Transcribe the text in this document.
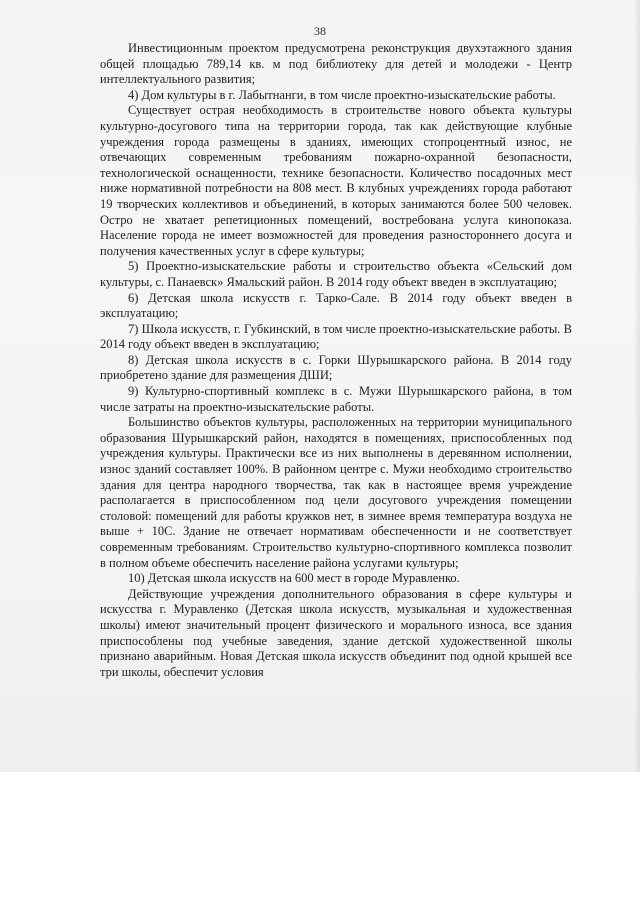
38

Инвестиционным проектом предусмотрена реконструкция двухэтажного здания общей площадью 789,14 кв. м под библиотеку для детей и молодежи - Центр интеллектуального развития;

4) Дом культуры в г. Лабытнанги, в том числе проектно-изыскательские работы.

Существует острая необходимость в строительстве нового объекта культуры культурно-досугового типа на территории города, так как действующие клубные учреждения города размещены в зданиях, имеющих стопроцентный износ, не отвечающих современным требованиям пожарно-охранной безопасности, технологической оснащенности, технике безопасности. Количество посадочных мест ниже нормативной потребности на 808 мест. В клубных учреждениях города работают 19 творческих коллективов и объединений, в которых занимаются более 500 человек. Остро не хватает репетиционных помещений, востребована услуга кинопоказа. Население города не имеет возможностей для проведения разностороннего досуга и получения качественных услуг в сфере культуры;

5) Проектно-изыскательские работы и строительство объекта «Сельский дом культуры, с. Панаевск» Ямальский район. В 2014 году объект введен в эксплуатацию;

6) Детская школа искусств г. Тарко-Сале. В 2014 году объект введен в эксплуатацию;

7) Школа искусств, г. Губкинский, в том числе проектно-изыскательские работы. В 2014 году объект введен в эксплуатацию;

8) Детская школа искусств в с. Горки Шурышкарского района. В 2014 году приобретено здание для размещения ДШИ;

9) Культурно-спортивный комплекс в с. Мужи Шурышкарского района, в том числе затраты на проектно-изыскательские работы.

Большинство объектов культуры, расположенных на территории муниципального образования Шурышкарский район, находятся в помещениях, приспособленных под учреждения культуры. Практически все из них выполнены в деревянном исполнении, износ зданий составляет 100%. В районном центре с. Мужи необходимо строительство здания для центра народного творчества, так как в настоящее время учреждение располагается в приспособленном под цели досугового учреждения помещении столовой: помещений для работы кружков нет, в зимнее время температура воздуха не выше + 10С. Здание не отвечает нормативам обеспеченности и не соответствует современным требованиям. Строительство культурно-спортивного комплекса позволит в полном объеме обеспечить население района услугами культуры;

10) Детская школа искусств на 600 мест в городе Муравленко.

Действующие учреждения дополнительного образования в сфере культуры и искусства г. Муравленко (Детская школа искусств, музыкальная и художественная школы) имеют значительный процент физического и морального износа, все здания приспособлены под учебные заведения, здание детской художественной школы признано аварийным. Новая Детская школа искусств объединит под одной крышей все три школы, обеспечит условия
